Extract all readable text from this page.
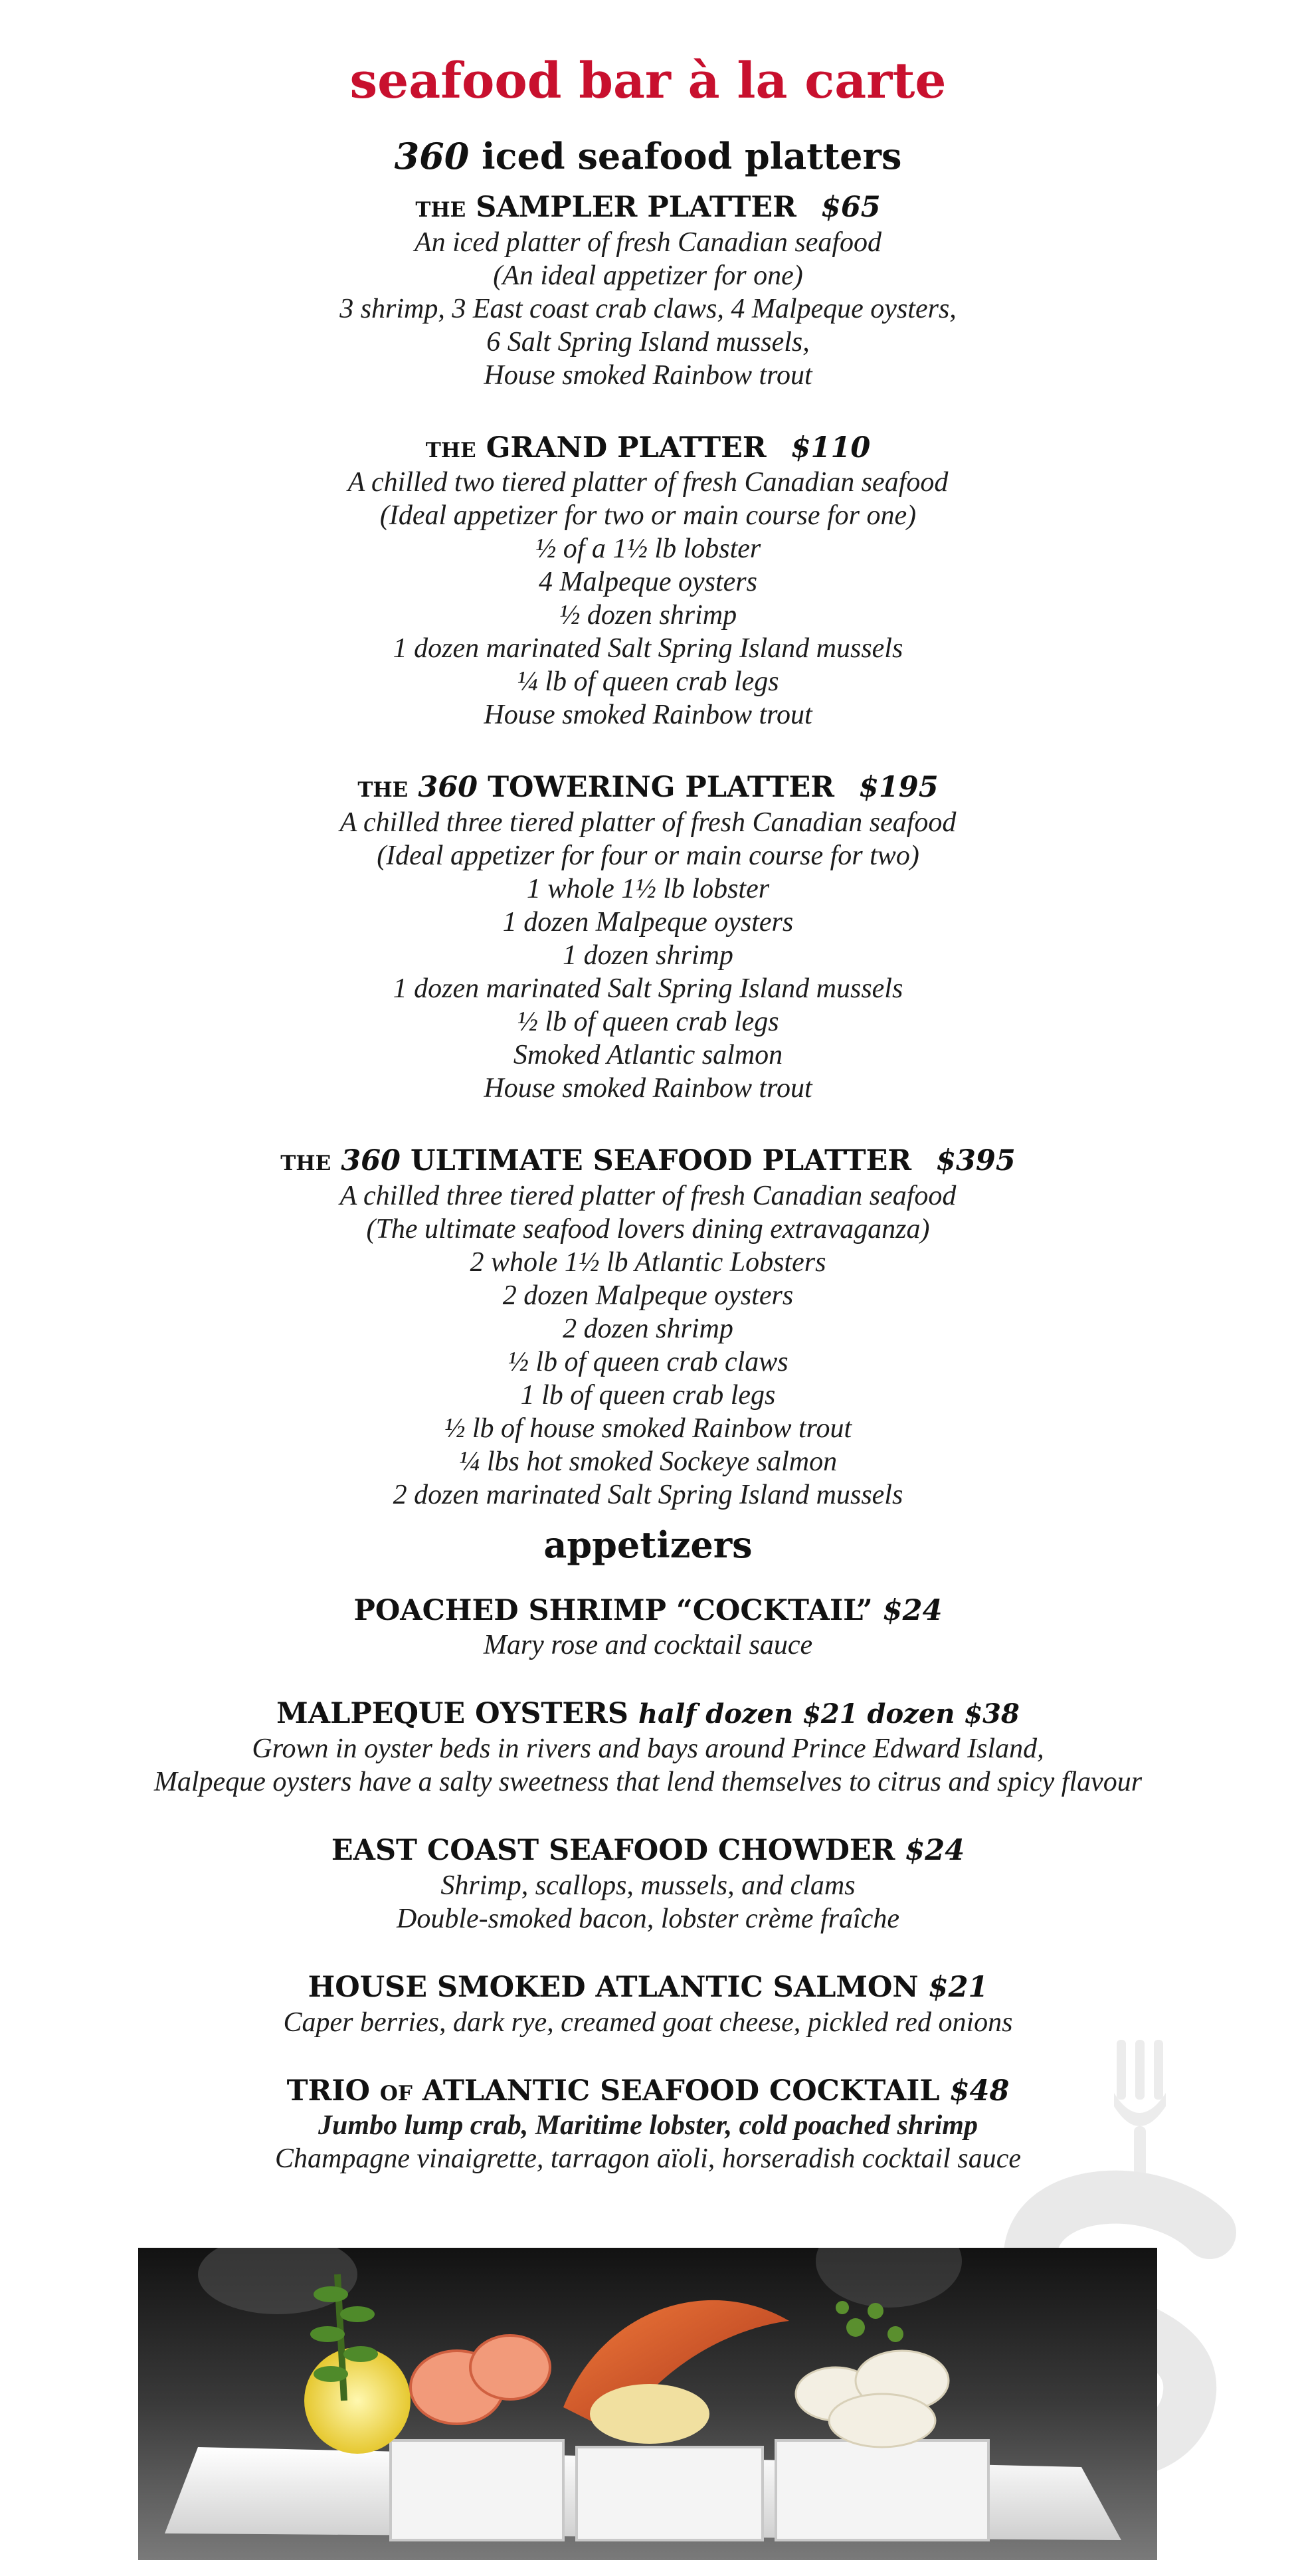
seafood bar à la carte
360 iced seafood platters
THE SAMPLER PLATTER $65
An iced platter of fresh Canadian seafood
(An ideal appetizer for one)
3 shrimp, 3 East coast crab claws, 4 Malpeque oysters,
6 Salt Spring Island mussels,
House smoked Rainbow trout
THE GRAND PLATTER $110
A chilled two tiered platter of fresh Canadian seafood
(Ideal appetizer for two or main course for one)
½ of a 1½ lb lobster
4 Malpeque oysters
½ dozen shrimp
1 dozen marinated Salt Spring Island mussels
¼ lb of queen crab legs
House smoked Rainbow trout
THE 360 TOWERING PLATTER $195
A chilled three tiered platter of fresh Canadian seafood
(Ideal appetizer for four or main course for two)
1 whole 1½ lb lobster
1 dozen Malpeque oysters
1 dozen shrimp
1 dozen marinated Salt Spring Island mussels
½ lb of queen crab legs
Smoked Atlantic salmon
House smoked Rainbow trout
THE 360 ULTIMATE SEAFOOD PLATTER $395
A chilled three tiered platter of fresh Canadian seafood
(The ultimate seafood lovers dining extravaganza)
2 whole 1½ lb Atlantic Lobsters
2 dozen Malpeque oysters
2 dozen shrimp
½ lb of queen crab claws
1 lb of queen crab legs
½ lb of house smoked Rainbow trout
¼ lbs hot smoked Sockeye salmon
2 dozen marinated Salt Spring Island mussels
appetizers
POACHED SHRIMP “COCKTAIL” $24
Mary rose and cocktail sauce
MALPEQUE OYSTERS half dozen $21 dozen $38
Grown in oyster beds in rivers and bays around Prince Edward Island,
Malpeque oysters have a salty sweetness that lend themselves to citrus and spicy flavour
EAST COAST SEAFOOD CHOWDER $24
Shrimp, scallops, mussels, and clams
Double-smoked bacon, lobster crème fraîche
HOUSE SMOKED ATLANTIC SALMON $21
Caper berries, dark rye, creamed goat cheese, pickled red onions
TRIO OF ATLANTIC SEAFOOD COCKTAIL $48
Jumbo lump crab, Maritime lobster, cold poached shrimp
Champagne vinaigrette, tarragon aïoli, horseradish cocktail sauce
